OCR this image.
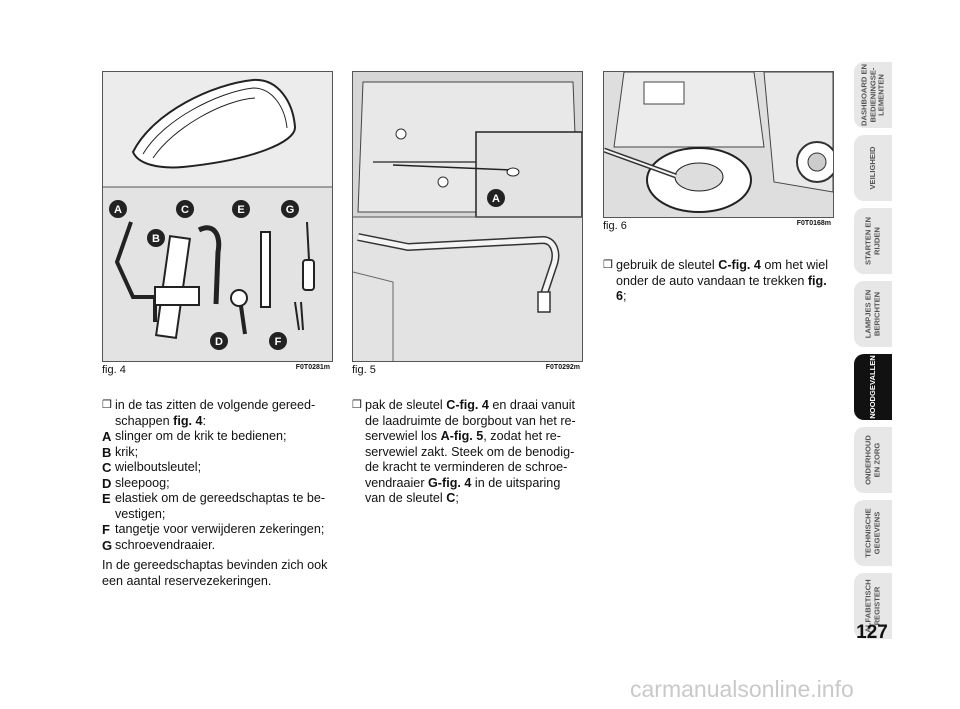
A
B
C
D
E
F
G
fig. 4	F0T0281m
A
fig. 5	F0T0292m
fig. 6	F0T0168m

❒ in de tas zitten de volgende gereed-schappen fig. 4:

A slinger om de krik te bedienen;

B krik;

C wielboutsleutel;

D sleepoog;

E elastiek om de gereedschaptas te be-vestigen;

F tangetje voor verwijderen zekeringen;

G schroevendraaier.

In de gereedschaptas bevinden zich ook een aantal reservezekeringen.

❒ pak de sleutel C-fig. 4 en draai vanuit de laadruimte de borgbout van het re-servewiel los A-fig. 5, zodat het re-servewiel zakt. Steek om de benodig-de kracht te verminderen de schroe-vendraaier G-fig. 4 in de uitsparing van de sleutel C;

❒ gebruik de sleutel C-fig. 4 om het wiel onder de auto vandaan te trekken fig. 6;

DASHBOARD EN
BEDIENINGSE-
LEMENTEN
VEILIGHEID
STARTEN EN
RIJDEN
LAMPJES EN
BERICHTEN
NOODGEVALLEN
ONDERHOUD
EN ZORG
TECHNISCHE
GEGEVENS
ALFABETISCH
REGISTER
127
carmanualsonline.info
